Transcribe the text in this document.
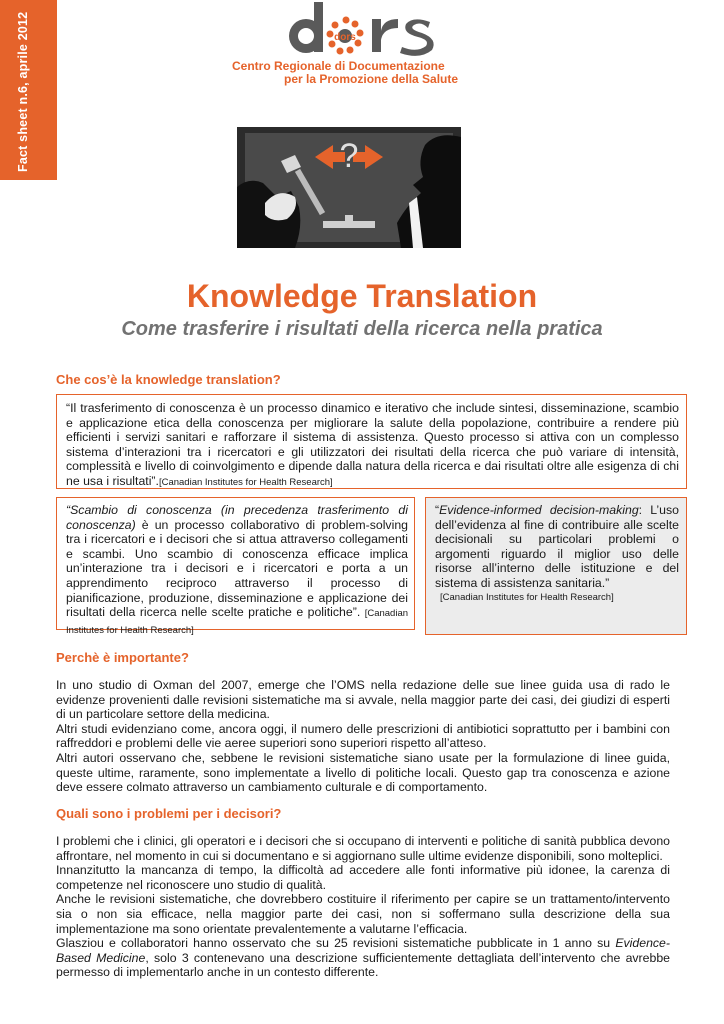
Fact sheet n.6, aprile 2012	dors
Centro Regionale di Documentazione
per la Promozione della Salute
?
Knowledge Translation
Come trasferire i risultati della ricerca nella pratica
Che cos’è la knowledge translation?

“Il trasferimento di conoscenza è un processo dinamico e iterativo che include sintesi, disseminazione, scambio e applicazione etica della conoscenza per migliorare la salute della popolazione, contribuire a rendere più efficienti i servizi sanitari e rafforzare il sistema di assistenza. Questo processo si attiva con un complesso sistema d’interazioni tra i ricercatori e gli utilizzatori dei risultati della ricerca che può variare di intensità, complessità e livello di coinvolgimento e dipende dalla natura della ricerca e dai risultati oltre alle esigenza di chi ne usa i risultati”.[Canadian Institutes for Health Research]

“Scambio di conoscenza (in precedenza trasferimento di conoscenza) è un processo collaborativo di problem-solving tra i ricercatori e i decisori che si attua attraverso collegamenti e scambi. Uno scambio di conoscenza efficace implica un’interazione tra i decisori e i ricercatori e porta a un apprendimento reciproco attraverso il processo di pianificazione, produzione, disseminazione e applicazione dei risultati della ricerca nelle scelte pratiche e politiche”. [Canadian Institutes for Health Research]

“Evidence-informed decision-making: L’uso dell’evidenza al fine di contribuire alle scelte decisionali su particolari problemi o argomenti riguardo il miglior uso delle risorse all’interno delle istituzione e del sistema di assistenza sanitaria.”

[Canadian Institutes for Health Research]
Perchè è importante?

In uno studio di Oxman del 2007, emerge che l’OMS nella redazione delle sue linee guida usa di rado le evidenze provenienti dalle revisioni sistematiche ma si avvale, nella maggior parte dei casi, dei giudizi di esperti di un particolare settore della medicina.

Altri studi evidenziano come, ancora oggi, il numero delle prescrizioni di antibiotici soprattutto per i bambini con raffreddori e problemi delle vie aeree superiori sono superiori rispetto all’atteso.

Altri autori osservano che, sebbene le revisioni sistematiche siano usate per la formulazione di linee guida, queste ultime, raramente, sono implementate a livello di politiche locali. Questo gap tra conoscenza e azione deve essere colmato attraverso un cambiamento culturale e di comportamento.

Quali sono i problemi per i decisori?

I problemi che i clinici, gli operatori e i decisori che si occupano di interventi e politiche di sanità pubblica devono affrontare, nel momento in cui si documentano e si aggiornano sulle ultime evidenze disponibili, sono molteplici.

Innanzitutto la mancanza di tempo, la difficoltà ad accedere alle fonti informative più idonee, la carenza di competenze nel riconoscere uno studio di qualità.

Anche le revisioni sistematiche, che dovrebbero costituire il riferimento per capire se un trattamento/intervento sia o non sia efficace, nella maggior parte dei casi, non si soffermano sulla descrizione della sua implementazione ma sono orientate prevalentemente a valutarne l’efficacia.

Glasziou e collaboratori hanno osservato che su 25 revisioni sistematiche pubblicate in 1 anno su Evidence-Based Medicine, solo 3 contenevano una descrizione sufficientemente dettagliata dell’intervento che avrebbe permesso di implementarlo anche in un contesto differente.
